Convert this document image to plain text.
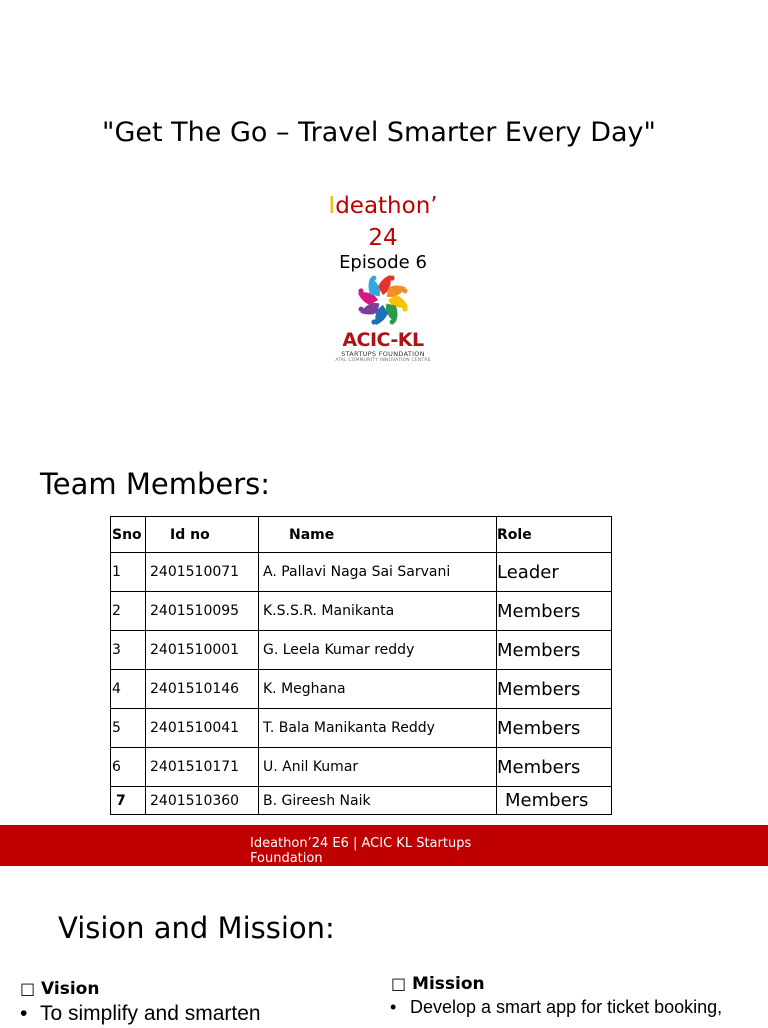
"Get The Go – Travel Smarter Every Day"
Ideathon’
24
Episode 6
ACIC-KL
STARTUPS FOUNDATION
ATAL COMMUNITY INNOVATION CENTRE
Team Members:
Sno	Id no	Name	Role
1	2401510071	A. Pallavi Naga Sai Sarvani	Leader
2	2401510095	K.S.S.R. Manikanta	Members
3	2401510001	G. Leela Kumar reddy	Members
4	2401510146	K. Meghana	Members
5	2401510041	T. Bala Manikanta Reddy	Members
6	2401510171	U. Anil Kumar	Members
7	2401510360	B. Gireesh Naik	Members
Ideathon’24 E6 | ACIC KL Startups Foundation
Vision and Mission:
□ Vision
• To simplify and smarten
□ Mission
• Develop a smart app for ticket booking,
